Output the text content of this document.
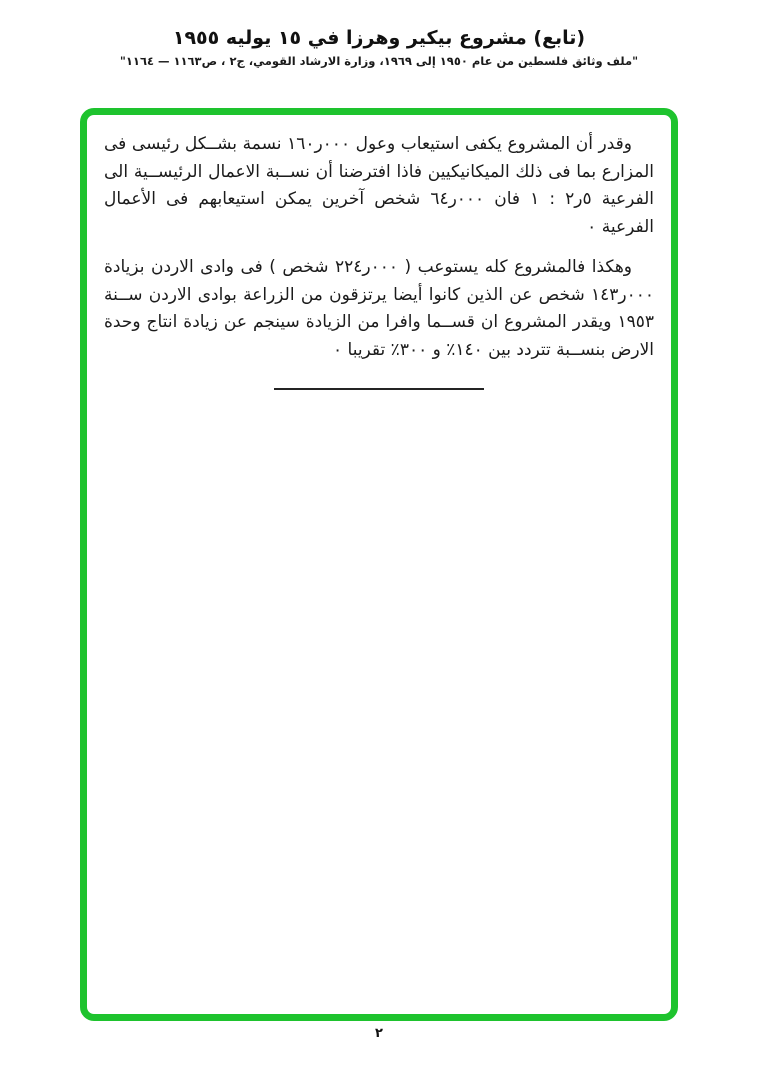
(تابع) مشروع بيكير وهرزا في ١٥ يوليه ١٩٥٥
"ملف وثائق فلسطين من عام ١٩٥٠ إلى ١٩٦٩، وزارة الارشاد القومي، ج٢ ، ص١١٦٣ — ١١٦٤"

وقدر أن المشروع يكفى استيعاب وعول ‭١٦٠ر٠٠٠‬ نسمة بشــكل رئيسى فى المزارع بما فى ذلك الميكانيكيين فاذا افترضنا أن نســبة الاعمال الرئيســية الى الفرعية ‭٢ر٥‬ : ١ فان ‭٦٤ر٠٠٠‬ شخص آخرين يمكن استيعابهم فى الأعمال الفرعية ٠

وهكذا فالمشروع كله يستوعب ( ‭٢٢٤ر٠٠٠‬ شخص ) فى وادى الاردن بزيادة ‭١٤٣ر٠٠٠‬ شخص عن الذين كانوا أيضا يرتزقون من الزراعة بوادى الاردن ســنة ١٩٥٣ ويقدر المشروع ان قســما وافرا من الزيادة سينجم عن زيادة انتاج وحدة الارض بنســبة تتردد بين ١٤٠٪ و ٣٠٠٪ تقريبا ٠

٢
